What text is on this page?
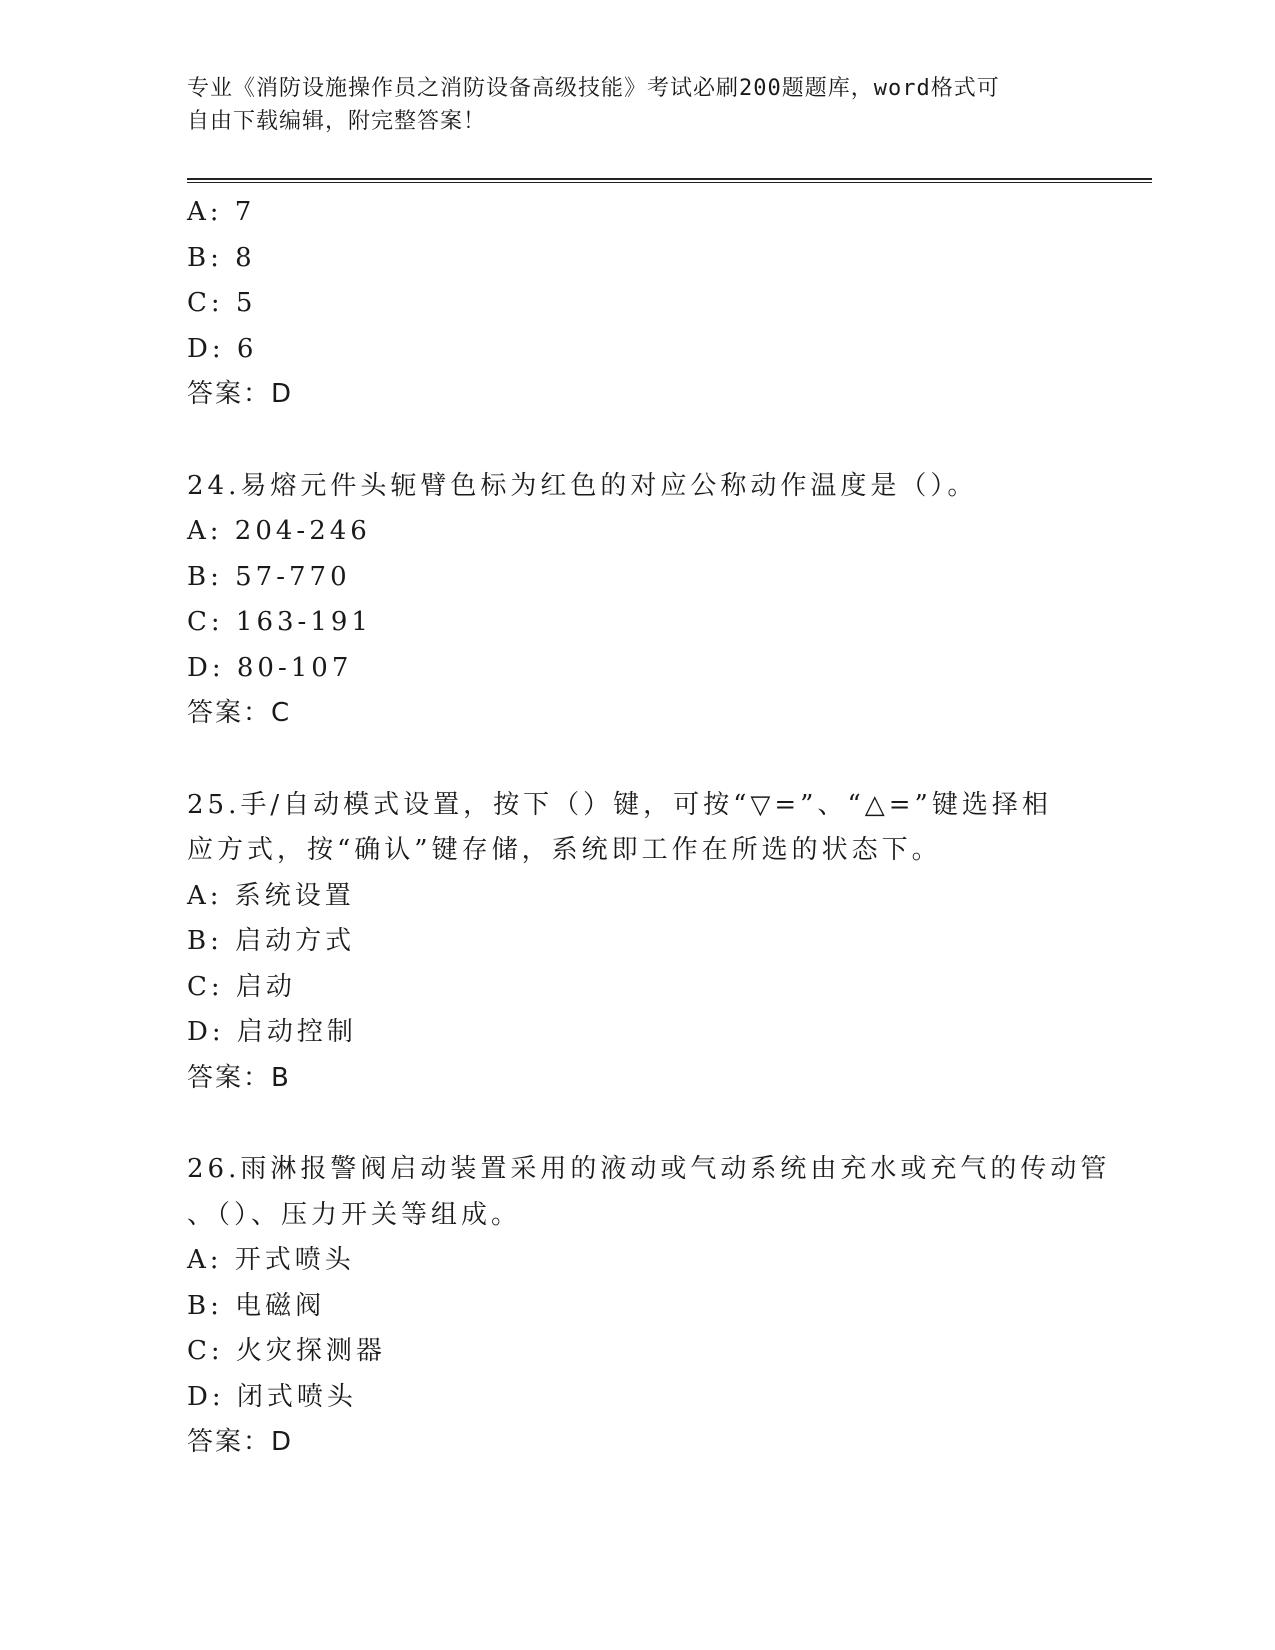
专业《消防设施操作员之消防设备高级技能》考试必刷200题题库，word格式可
自由下载编辑，附完整答案！
A: 7
B: 8
C: 5
D: 6
答案：D
24.易熔元件头轭臂色标为红色的对应公称动作温度是（）。
A: 204-246
B: 57-770
C: 163-191
D: 80-107
答案：C
25.手/自动模式设置，按下（）键，可按“▽=”、“△=”键选择相
应方式，按“确认”键存储，系统即工作在所选的状态下。
A: 系统设置
B: 启动方式
C: 启动
D: 启动控制
答案：B
26.雨淋报警阀启动装置采用的液动或气动系统由充水或充气的传动管
、（）、压力开关等组成。
A: 开式喷头
B: 电磁阀
C: 火灾探测器
D: 闭式喷头
答案：D
